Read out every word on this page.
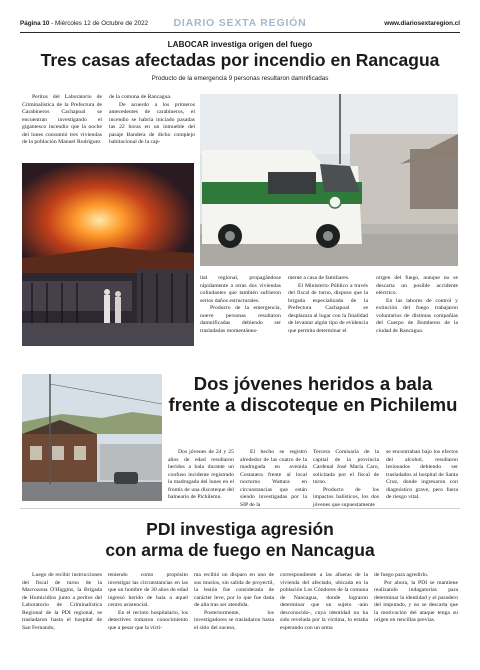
Página 10 - Miércoles 12 de Octubre de 2022	DIARIO SEXTA REGIÓN	www.diariosextaregion.cl
LABOCAR investiga origen del fuego
Tres casas afectadas por incendio en Rancagua
Producto de la emergencia 9 personas resultaron damnificadas

Peritos del Laboratorio de Criminalística de la Prefectura de Carabineros Cachapoal se encuentran investigando el gigantesco incendio que la noche del lunes consumió tres viviendas de la población Manuel Rodríguez

de la comuna de Rancagua.

De acuerdo a los primeros antecedentes de carabineros, el incendio se habría iniciado pasadas las 22 horas en un inmueble del pasaje Bandera de dicho complejo habitacional de la cap-

ital regional, propagándose rápidamente a otras dos viviendas colindantes que también sufrieron serios daños estructurales.

Producto de la emergencia, nueve personas resultaron damnificadas debiendo ser trasladadas momentánea-

mente a casa de familiares.

El Ministerio Público a través del fiscal de turno, dispuso que la brigada especializada de la Prefectura Cachapoal se desplazara al lugar con la finalidad de levantar algún tipo de evidencia que permita determinar el

origen del fuego, aunque no se descarta un posible accidente eléctrico.

En las labores de control y extinción del fuego trabajaron voluntarios de distintas compañías del Cuerpo de Bomberos de la ciudad de Rancagua.

Dos jóvenes heridos a bala frente a discoteque en Pichilemu

Dos jóvenes de 24 y 25 años de edad resultaron heridos a bala durante un confuso incidente registrado la madrugada del lunes en el frontis de una discoteque del balneario de Pichilemu.

El hecho se registró alrededor de las cuatro de la madrugada en avenida Costanera frente al local nocturno Wattara en circunstancias que están siendo investigadas por la SIP de la

Tercera Comisaría de la capital de la provincia Cardenal José María Caro, solicitada por el fiscal de turno.

Producto de los impactos balísticos, los dos jóvenes que supuestamente

se encontraban bajo los efectos del alcohol, resultaron lesionados debiendo ser trasladados al hospital de Santa Cruz, donde ingresaron con diagnóstico grave, pero fuera de riesgo vital.

PDI investiga agresión
con arma de fuego en Nancagua

Luego de recibir instrucciones del fiscal de turno de la Macrozona O'Higgins, la Brigada de Homicidios junto a peritos del Laboratorio de Criminalística Regional de la PDI regional, se trasladaron hasta el hospital de San Fernando,

teniendo como propósito investigar las circunstancias en las que un hombre de 30 años de edad ingresó herido de bala a aquel centro asistencial.

En el recinto hospitalario, los detectives tomaron conocimiento que a pesar que la vícti-

ma recibió un disparo en uno de sus muslos, sin salida de proyectil, la lesión fue considerada de carácter leve, por lo que fue dada de alta tras ser atendida.

Posteriormente, los investigadores se trasladaron hasta el sitio del suceso,

correspondiente a las afueras de la vivienda del afectado, ubicada en la población Los Cóndores de la comuna de Nancagua, donde lograron determinar que un sujeto -aún desconocido-, cuya identidad no ha sido revelada por la víctima, lo estaba esperando con un arma

de fuego para agredirlo.

Por ahora, la PDI se mantiene realizando indagatorias para determinar la identidad y el paradero del imputado, y no se descarta que la motivación del ataque tenga su origen en rencillas previas.
